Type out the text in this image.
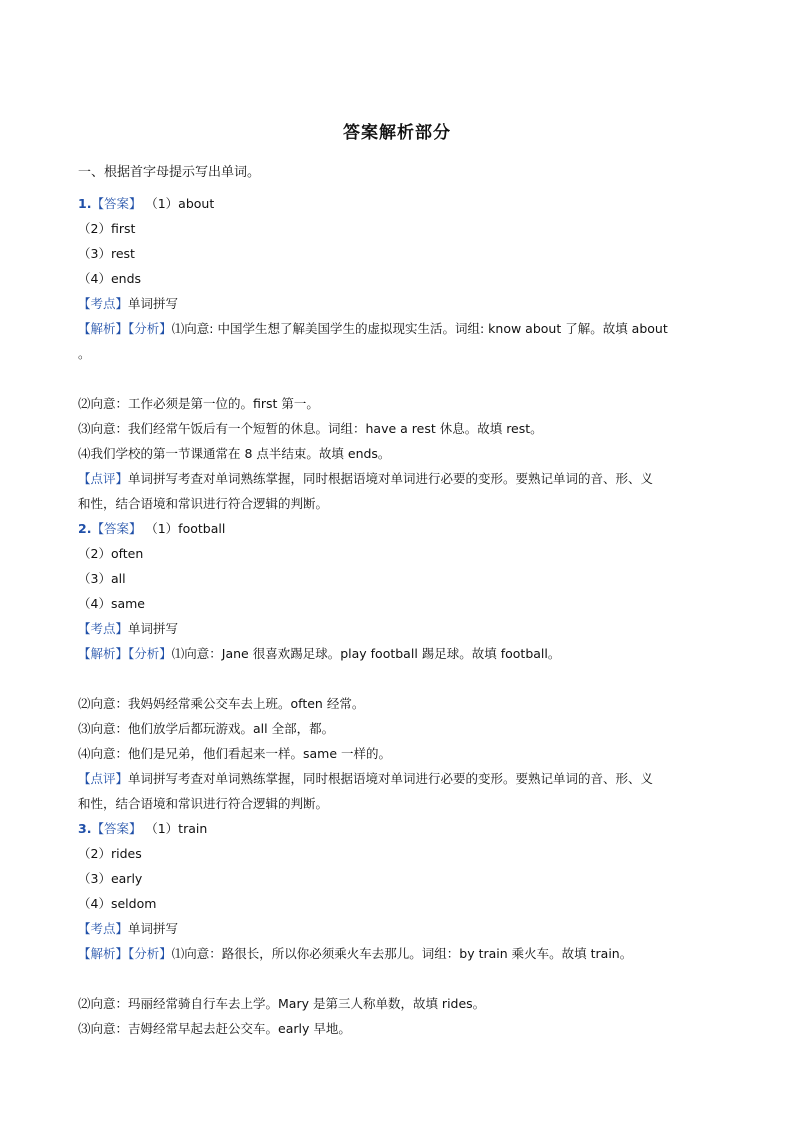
答案解析部分
一、根据首字母提示写出单词。
1.【答案】 （1）about
（2）first
（3）rest
（4）ends
【考点】单词拼写
【解析】【分析】⑴向意: 中国学生想了解美国学生的虚拟现实生活。词组: know about 了解。故填 about
。
⑵向意：工作必须是第一位的。first 第一。
⑶向意：我们经常午饭后有一个短暂的休息。词组：have a rest 休息。故填 rest。
⑷我们学校的第一节课通常在 8 点半结束。故填 ends。
【点评】单词拼写考查对单词熟练掌握，同时根据语境对单词进行必要的变形。要熟记单词的音、形、义
和性，结合语境和常识进行符合逻辑的判断。
2.【答案】 （1）football
（2）often
（3）all
（4）same
【考点】单词拼写
【解析】【分析】⑴向意：Jane 很喜欢踢足球。play football 踢足球。故填 football。
⑵向意：我妈妈经常乘公交车去上班。often 经常。
⑶向意：他们放学后都玩游戏。all 全部，都。
⑷向意：他们是兄弟，他们看起来一样。same 一样的。
【点评】单词拼写考查对单词熟练掌握，同时根据语境对单词进行必要的变形。要熟记单词的音、形、义
和性，结合语境和常识进行符合逻辑的判断。
3.【答案】 （1）train
（2）rides
（3）early
（4）seldom
【考点】单词拼写
【解析】【分析】⑴向意：路很长，所以你必须乘火车去那儿。词组：by train 乘火车。故填 train。
⑵向意：玛丽经常骑自行车去上学。Mary 是第三人称单数，故填 rides。
⑶向意：吉姆经常早起去赶公交车。early 早地。
